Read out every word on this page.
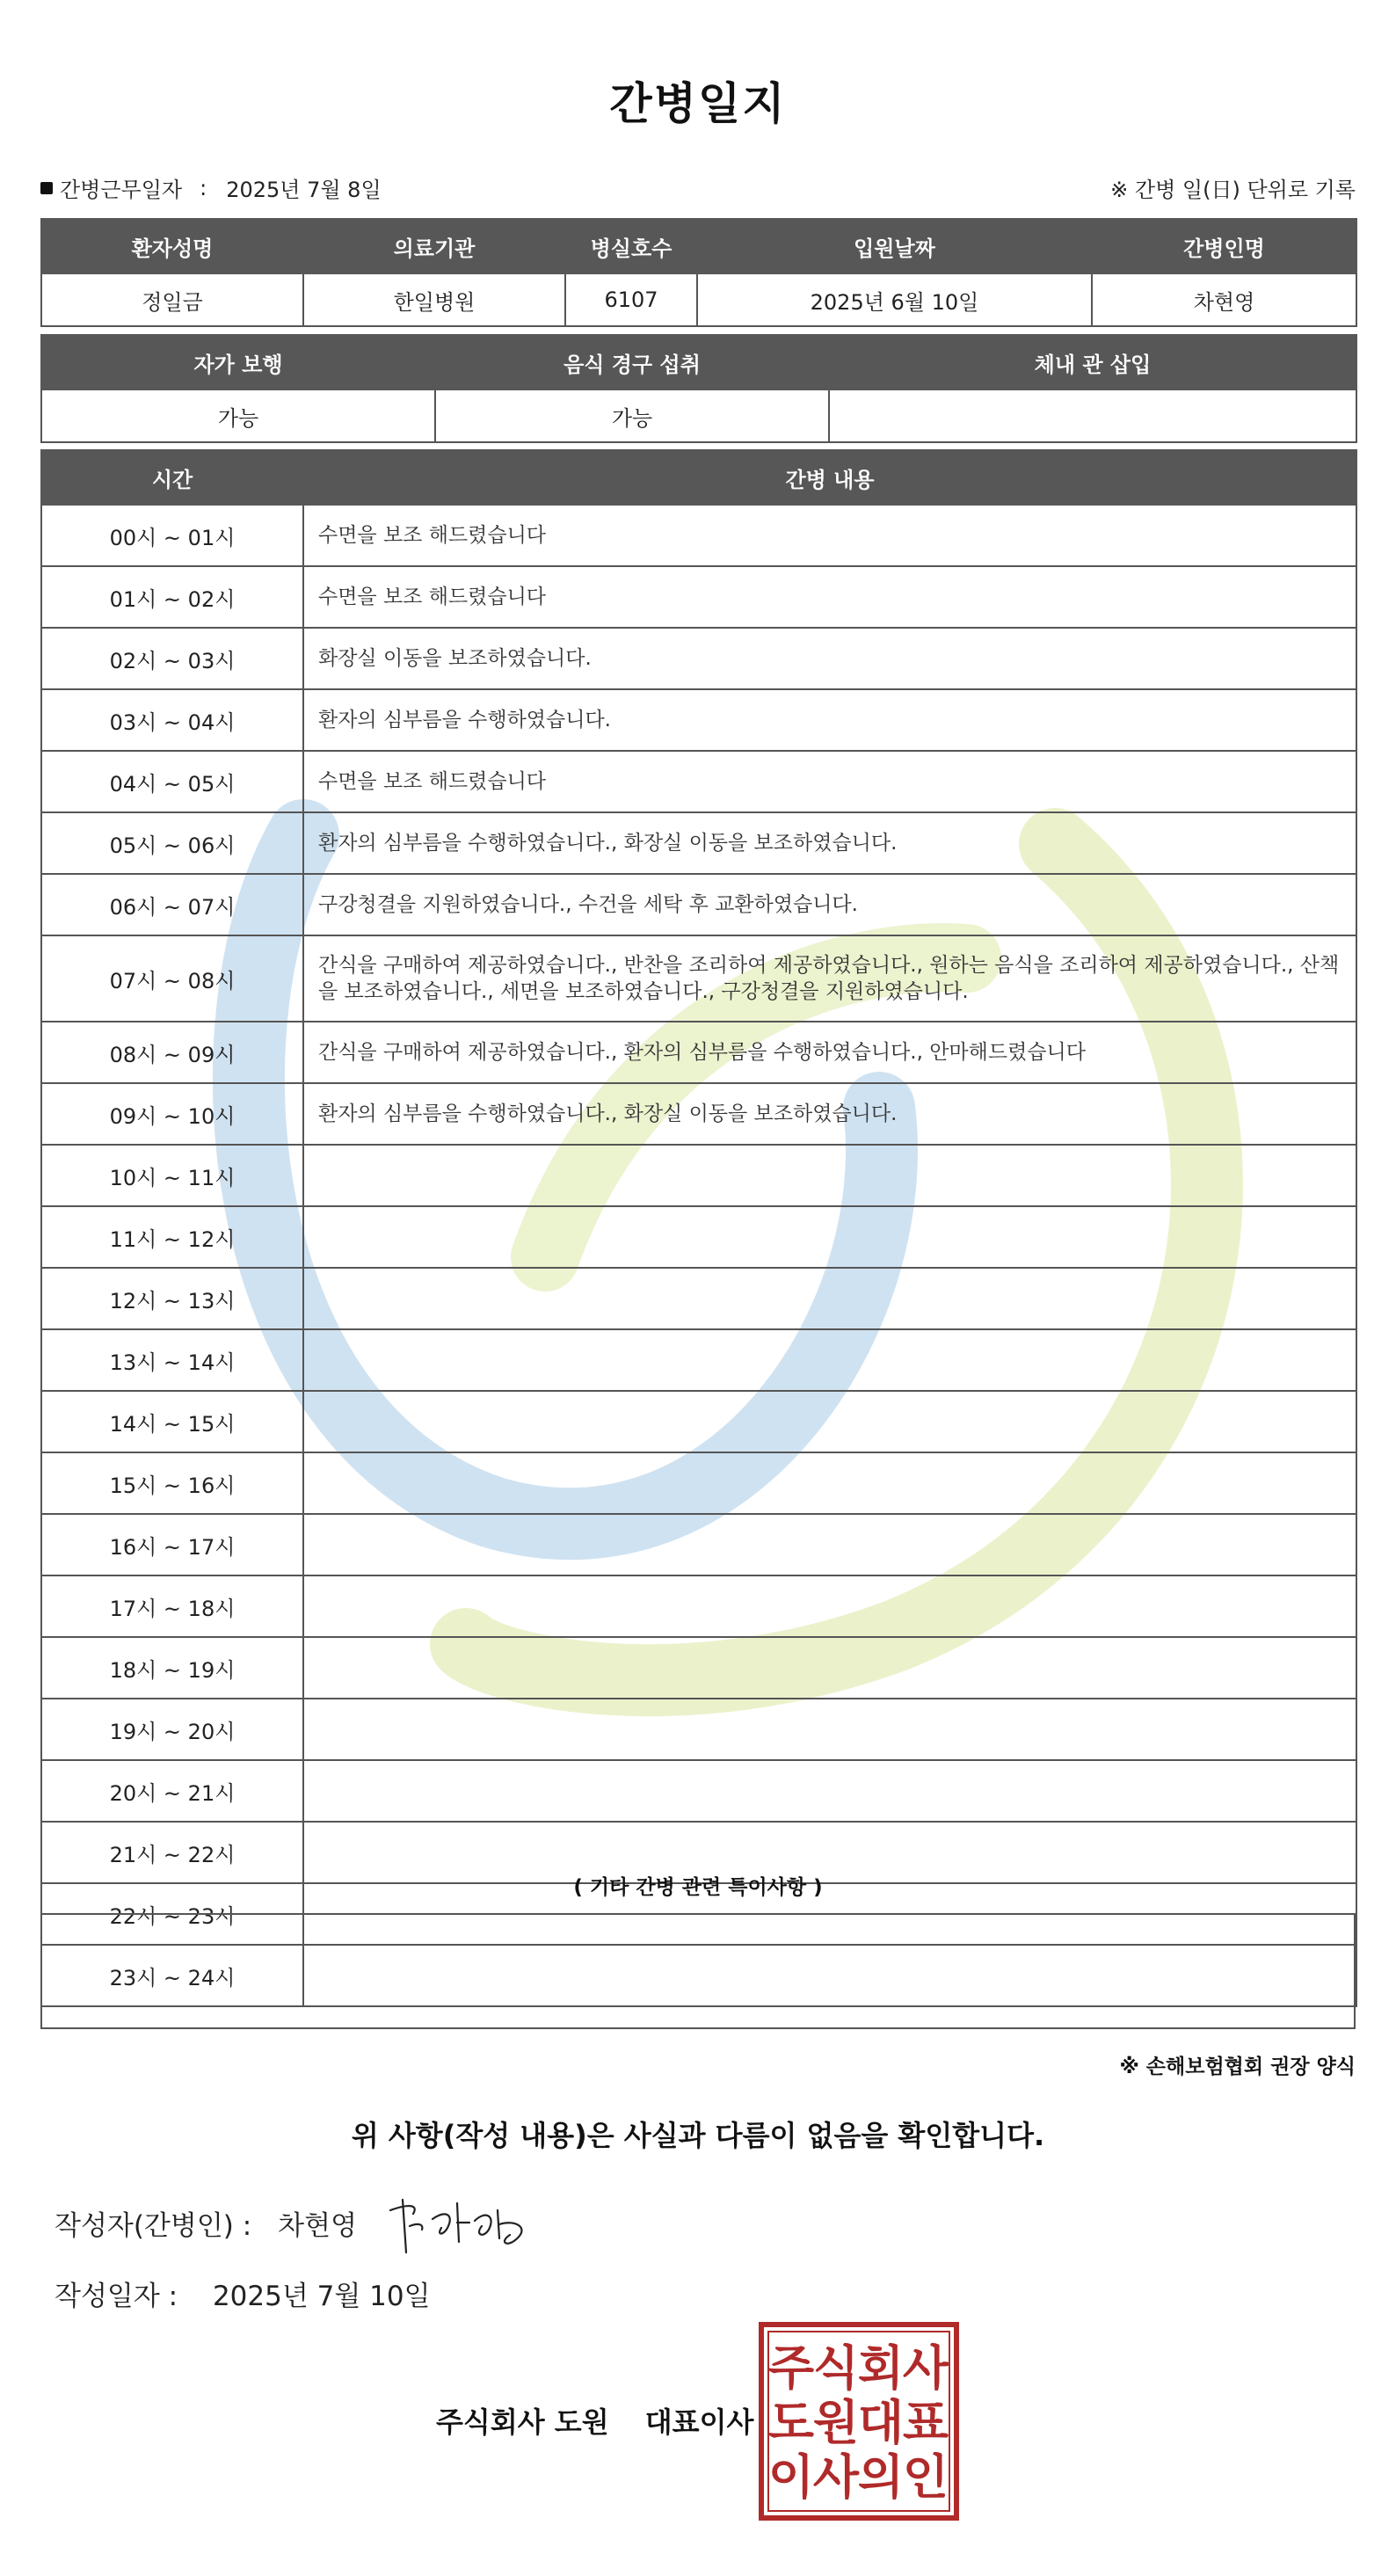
간병일지
간병근무일자 : 2025년 7월 8일	※ 간병 일(日) 단위로 기록
환자성명	의료기관	병실호수	입원날짜	간병인명
정일금	한일병원	6107	2025년 6월 10일	차현영
자가 보행	음식 경구 섭취	체내 관 삽입
가능	가능	
시간	간병 내용
00시 ~ 01시	수면을 보조 해드렸습니다
01시 ~ 02시	수면을 보조 해드렸습니다
02시 ~ 03시	화장실 이동을 보조하였습니다.
03시 ~ 04시	환자의 심부름을 수행하였습니다.
04시 ~ 05시	수면을 보조 해드렸습니다
05시 ~ 06시	환자의 심부름을 수행하였습니다., 화장실 이동을 보조하였습니다.
06시 ~ 07시	구강청결을 지원하였습니다., 수건을 세탁 후 교환하였습니다.
07시 ~ 08시	간식을 구매하여 제공하였습니다., 반찬을 조리하여 제공하였습니다., 원하는 음식을 조리하여 제공하였습니다., 산책을 보조하였습니다., 세면을 보조하였습니다., 구강청결을 지원하였습니다.
08시 ~ 09시	간식을 구매하여 제공하였습니다., 환자의 심부름을 수행하였습니다., 안마해드렸습니다
09시 ~ 10시	환자의 심부름을 수행하였습니다., 화장실 이동을 보조하였습니다.
10시 ~ 11시	
11시 ~ 12시	
12시 ~ 13시	
13시 ~ 14시	
14시 ~ 15시	
15시 ~ 16시	
16시 ~ 17시	
17시 ~ 18시	
18시 ~ 19시	
19시 ~ 20시	
20시 ~ 21시	
21시 ~ 22시	
22시 ~ 23시	
23시 ~ 24시	
( 기타 간병 관련 특이사항 )
※ 손해보험협회 권장 양식
위 사항(작성 내용)은 사실과 다름이 없음을 확인합니다.
작성자(간병인) : 차현영
작성일자 : 2025년 7월 10일
주식회사 도원 대표이사
주
식
회
사
도
원
대
표
이
사
의
인
